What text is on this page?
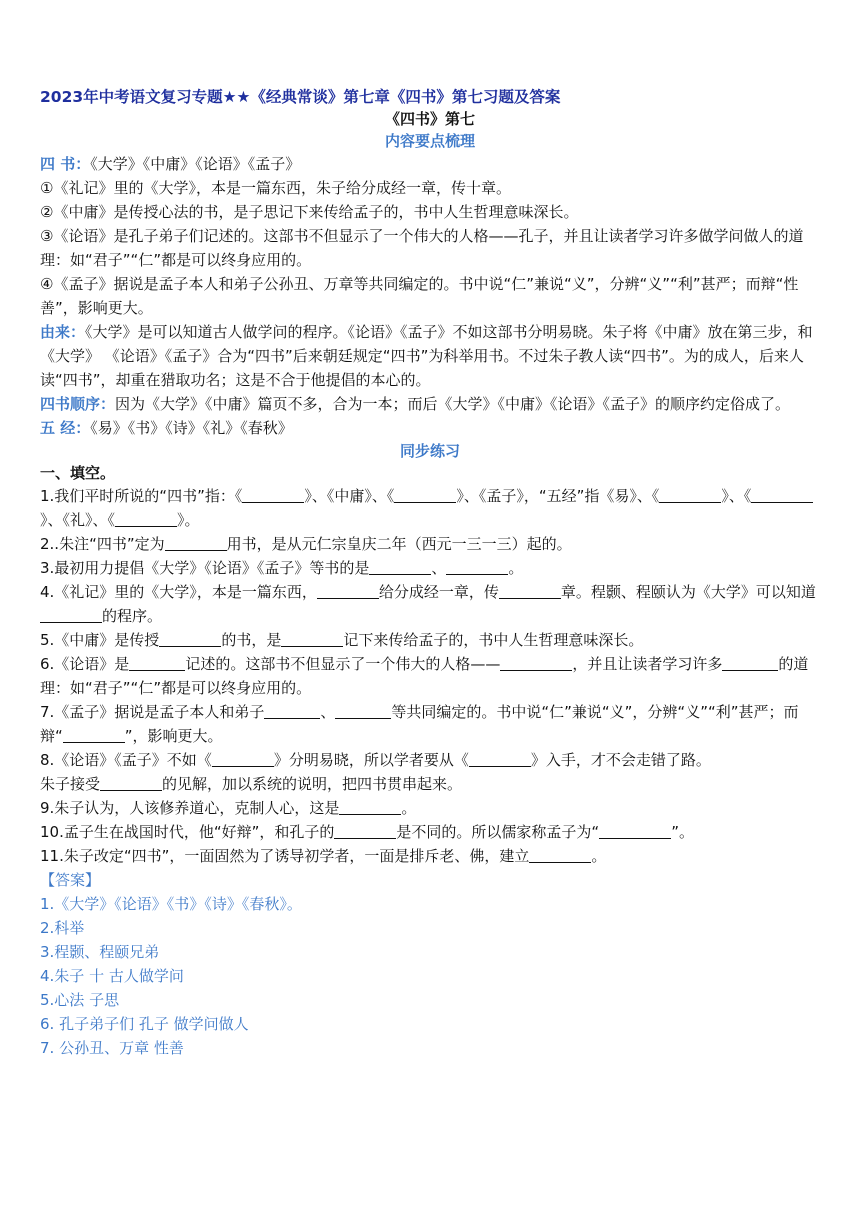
2023年中考语文复习专题★★《经典常谈》第七章《四书》第七习题及答案
《四书》第七
内容要点梳理

四 书：《大学》《中庸》《论语》《孟子》

①《礼记》里的《大学》，本是一篇东西，朱子给分成经一章，传十章。

②《中庸》是传授心法的书，是子思记下来传给孟子的，书中人生哲理意味深长。

③《论语》是孔子弟子们记述的。这部书不但显示了一个伟大的人格——孔子，并且让读者学习许多做学问做人的道理：如“君子”“仁”都是可以终身应用的。

④《孟子》据说是孟子本人和弟子公孙丑、万章等共同编定的。书中说“仁”兼说“义”，分辨“义”“利”甚严；而辩“性善”，影响更大。

由来：《大学》是可以知道古人做学问的程序。《论语》《孟子》不如这部书分明易晓。朱子将《中庸》放在第三步，和《大学》 《论语》《孟子》合为“四书”后来朝廷规定“四书”为科举用书。不过朱子教人读“四书”。为的成人，后来人读“四书”，却重在猎取功名；这是不合于他提倡的本心的。

四书顺序：因为《大学》《中庸》篇页不多，合为一本；而后《大学》《中庸》《论语》《孟子》的顺序约定俗成了。

五 经：《易》《书》《诗》《礼》《春秋》

同步练习
一、填空。

1.我们平时所说的“四书”指：《	》、《中庸》、《	》、《孟子》，“五经”指《易》、《	》、《》、《礼》、《	》。

2..朱注“四书”定为	用书，是从元仁宗皇庆二年（西元一三一三）起的。

3.最初用力提倡《大学》《论语》《孟子》等书的是	、	。

4.《礼记》里的《大学》，本是一篇东西，	给分成经一章，传	章。程颢、程颐认为《大学》可以知道的程序。

5.《中庸》是传授	的书，是	记下来传给孟子的，书中人生哲理意味深长。

6.《论语》是	记述的。这部书不但显示了一个伟大的人格——	，并且让读者学习许多	的道理：如“君子”“仁”都是可以终身应用的。

7.《孟子》据说是孟子本人和弟子	、	等共同编定的。书中说“仁”兼说“义”，分辨“义”“利”甚严；而辩“	”，影响更大。

8.《论语》《孟子》不如《	》分明易晓，所以学者要从《	》入手，才不会走错了路。

朱子接受	的见解，加以系统的说明，把四书贯串起来。

9.朱子认为，人该修养道心，克制人心，这是	。

10.孟子生在战国时代，他“好辩”，和孔子的	是不同的。所以儒家称孟子为“	”。

11.朱子改定“四书”，一面固然为了诱导初学者，一面是排斥老、佛，建立	。

【答案】

1.《大学》《论语》《书》《诗》《春秋》。

2.科举

3.程颢、程颐兄弟

4.朱子 十 古人做学问

5.心法 子思

6. 孔子弟子们 孔子 做学问做人

7. 公孙丑、万章 性善
